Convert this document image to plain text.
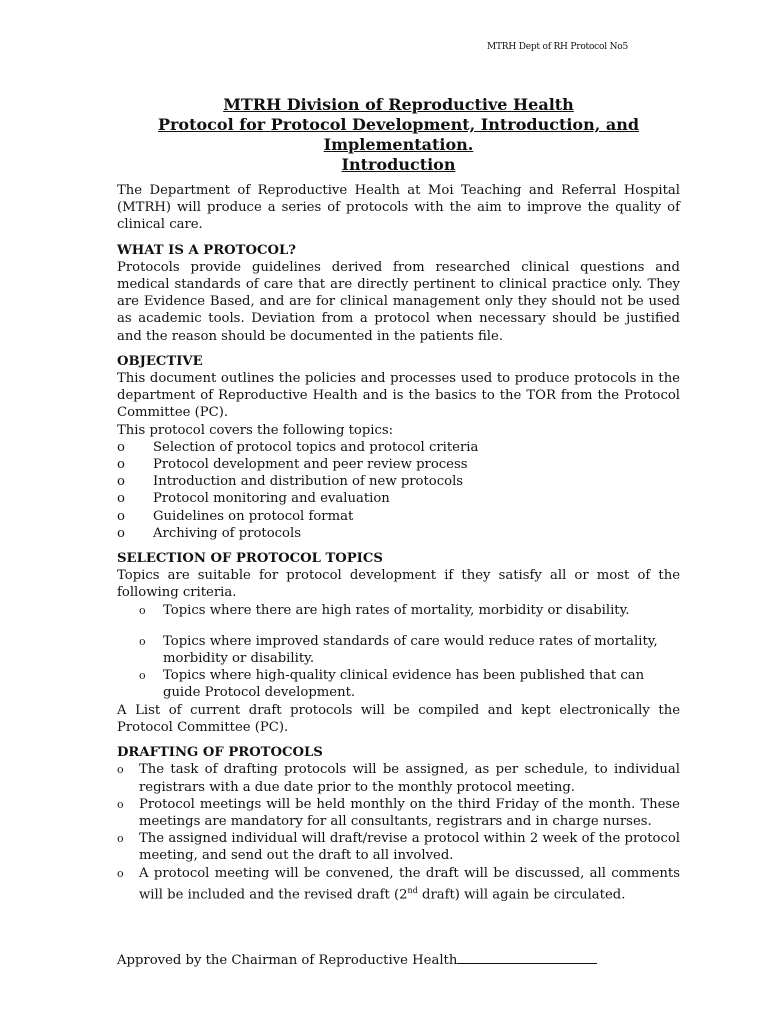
MTRH Dept of RH Protocol No5
MTRH Division of Reproductive Health
Protocol for Protocol Development, Introduction, and
Implementation.
Introduction

The Department of Reproductive Health at Moi Teaching and Referral Hospital (MTRH) will produce a series of protocols with the aim to improve the quality of clinical care.

WHAT IS A PROTOCOL?

Protocols provide guidelines derived from researched clinical questions and medical standards of care that are directly pertinent to clinical practice only. They are Evidence Based, and are for clinical management only they should not be used as academic tools. Deviation from a protocol when necessary should be justified and the reason should be documented in the patients file.

OBJECTIVE

This document outlines the policies and processes used to produce protocols in the department of Reproductive Health and is the basics to the TOR from the Protocol Committee (PC).

This protocol covers the following topics:

o Selection of protocol topics and protocol criteria
o Protocol development and peer review process
o Introduction and distribution of new protocols
o Protocol monitoring and evaluation
o Guidelines on protocol format
o Archiving of protocols

SELECTION OF PROTOCOL TOPICS

Topics are suitable for protocol development if they satisfy all or most of the following criteria.

o Topics where there are high rates of mortality, morbidity or disability.
o Topics where improved standards of care would reduce rates of mortality, morbidity or disability.
o Topics where high-quality clinical evidence has been published that can guide Protocol development.

A List of current draft protocols will be compiled and kept electronically the Protocol Committee (PC).

DRAFTING OF PROTOCOLS

o The task of drafting protocols will be assigned, as per schedule, to individual registrars with a due date prior to the monthly protocol meeting.
o Protocol meetings will be held monthly on the third Friday of the month. These meetings are mandatory for all consultants, registrars and in charge nurses.
o The assigned individual will draft/revise a protocol within 2 week of the protocol meeting, and send out the draft to all involved.
o A protocol meeting will be convened, the draft will be discussed, all comments will be included and the revised draft (2nd draft) will again be circulated.
Approved by the Chairman of Reproductive Health
